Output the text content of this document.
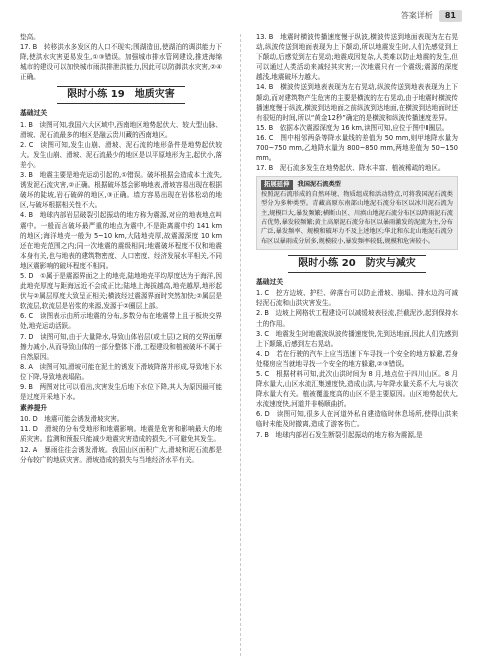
答案详析	81

垫高。

17. B　转移洪水多发区的人口不现实;围湖造田,使湖泊的调洪能力下降,使洪水灾害更易发生,①③错误。加强城市排水管网建设,推进海绵城市的建设可以加快城市雨洪排泄洪能力,因此可以防御洪水灾害,②④正确。

限时小练 19　地质灾害
基础过关

1. B　读图可知,我国六大区域中,西南地区地势起伏大、较大型山脉、滑坡、泥石流最多的地区是融云贵川藏的西南地区。

2. C　读图可知,发生山崩、滑坡、泥石流的地形条件是地势起伏较大。发生山崩、滑坡、泥石流最少的地区是以平原地形为主,起伏小,落差小。

3. B　地震主要是地壳运动引起的,①错误。破坏根据会造成本土流失,诱发泥石流灾害,②正确。根据破坏基会影响地表,滑坡容易出现在根据破坏的陡坡,岩石破碎的地区,③正确。墙方容易出现在岩体松动的地区,与破坏根据相关性不大。

4. B　地球内部岩层破裂引起振动的地方称为震源,对应的地表地点叫震中。一般而言破坏最严重的地点为震中,不是距离震中约 141 km 的地区;海洋地壳一般为 5~10 km,大陆地壳厚,故震源深度 10 km 还在地壳范围之内;同一次地震的震级相同;地震破坏程度不仅和地震本身有关,也与地表的建筑物密度、人口密度、经济发展水平相关,不同地区震影响的破坏程度不相同。

5. D　①属于是震源界面之上的地壳,陆地地壳平均厚度达为于海洋,因此地壳厚度与距海远近不会成正比;陆地上海拔越高,地壳越厚,地形起伏与②属层厚度大致呈正相关;横波经过震源界面时突然加快;②属层是软流层,软流层是岩浆的来源,发源于②圈层上部。

6. C　读图表示由所示地震的分布,多数分布在地震带上且于板块交界处,地壳运动活跃。

7. D　读图可知,由于大量降水,导致山体岩层(或土层)之间的交界面摩擦力减小,从而导致山体的一部分整体下滑,工程建设和植被破坏不属于自然原因。

8. A　读图可知,滑坡可能在泥土的诱发下滑坡降落并形成,导致地下水位下降,导致地表塌陷。

9. B　两图对比可以看出,灾害发生后地下水位下降,其人为原因最可能是过度开采地下水。

素养提升

10. D　地震可能会诱发滑坡灾害。

11. D　滑坡的分布受地形和地震影响。地震是危害和影响最大的地质灾害。监测和预报只能减少地震灾害造成的损失,不可避免其发生。

12. A　暴雨往往会诱发滑坡。我国山区面积广大,滑坡和泥石流都是分布较广的地质灾害。滑坡造成的损失与当地经济水平有关。

13. B　地震时横波传播速度慢于纵波,横波传送到地面表现为左右晃动,纵波传送到地面表现为上下颠动,所以地震发生时,人们先感觉到上下颠动,后感觉到左右晃动;地震成因复杂,人类难以防止地震的发生,但可以通过人类活动来减轻其灾害;一次地震只有一个震级;震源的深度越浅,地震破坏力越大。

14. B　横波传送到地表表现为左右晃动,纵波传送到地表表现为上下颠动,而对建筑物产生危害的主要是横波的左右晃动,由于地震时横波传播速度慢于纵波,横波到达地面之前纵波到达地面,在横波到达地面时还有很短的时间,所以“黄金12秒”确定的是横波和纵波传播速度差异。

15. B　依据本次震源深度为 16 km,读图可知,应位于图中Ⅱ圈层。

16. C　图中相邻两条等降水量线的差值为 50 mm,则甲地降水量为 700~750 mm,乙地降水量为 800~850 mm,两地差值为 50~150 mm。

17. B　泥石流多发生在地势起伏、降水丰富、植被稀疏的地区。

拓展延伸 我国泥石流类型

按照泥石流形成的自然环境、物质组成和活动特点,可将我国泥石流类型分为多种类型。青藏高原东南部山地泥石流分布区以冰川泥石流为主,规模巨大,暴发频繁;横断山区、川滇山地泥石流分布区以降雨泥石流占优势,暴发较频繁;黄土高原泥石流分布区以暴雨激发的泥流为主,分布广泛,暴发频率、规模和破坏力不及上述地区;华北和东北山地泥石流分布区以暴雨成分居多,规模较小,暴发频率较低,规模和危害较小。

限时小练 20　防灾与减灾
基础过关

1. C　挖方边坡、护栏、碎落台可以防止滑坡、崩塌、排水边沟可减轻泥石流和山洪灾害发生。

2. B　边坡上网格状工程建设可以减缓坡表径流,拦截泥沙,起到保持水土的作用。

3. C　地震发生时地震波纵波传播速度快,先到达地面,因此人们先感到上下颠簸,后感到左右晃动。

4. D　若在行驶的汽车上应当迅速下车寻找一个安全的地方躲避,若身处楼房应当就地寻找一个安全的地方躲避,②③错误。

5. C　根据材料可知,此次山洪时间为 8 月,地点位于四川山区。8 月降水量大,山区水流汇集速度快,造成山洪,与年降水量关系不大,与该次降水量大有关。植被覆盖度高的山区不是主要原因。山区地势起伏大,水流速度快,河道并非畅顺曲折。

6. D　读图可知,很多人在河道外私自建造临时休息场所,使得山洪来临时未能及时撤离,造成了游客伤亡。

7. B　地球内部岩石发生断裂引起振动的地方称为震源,是
